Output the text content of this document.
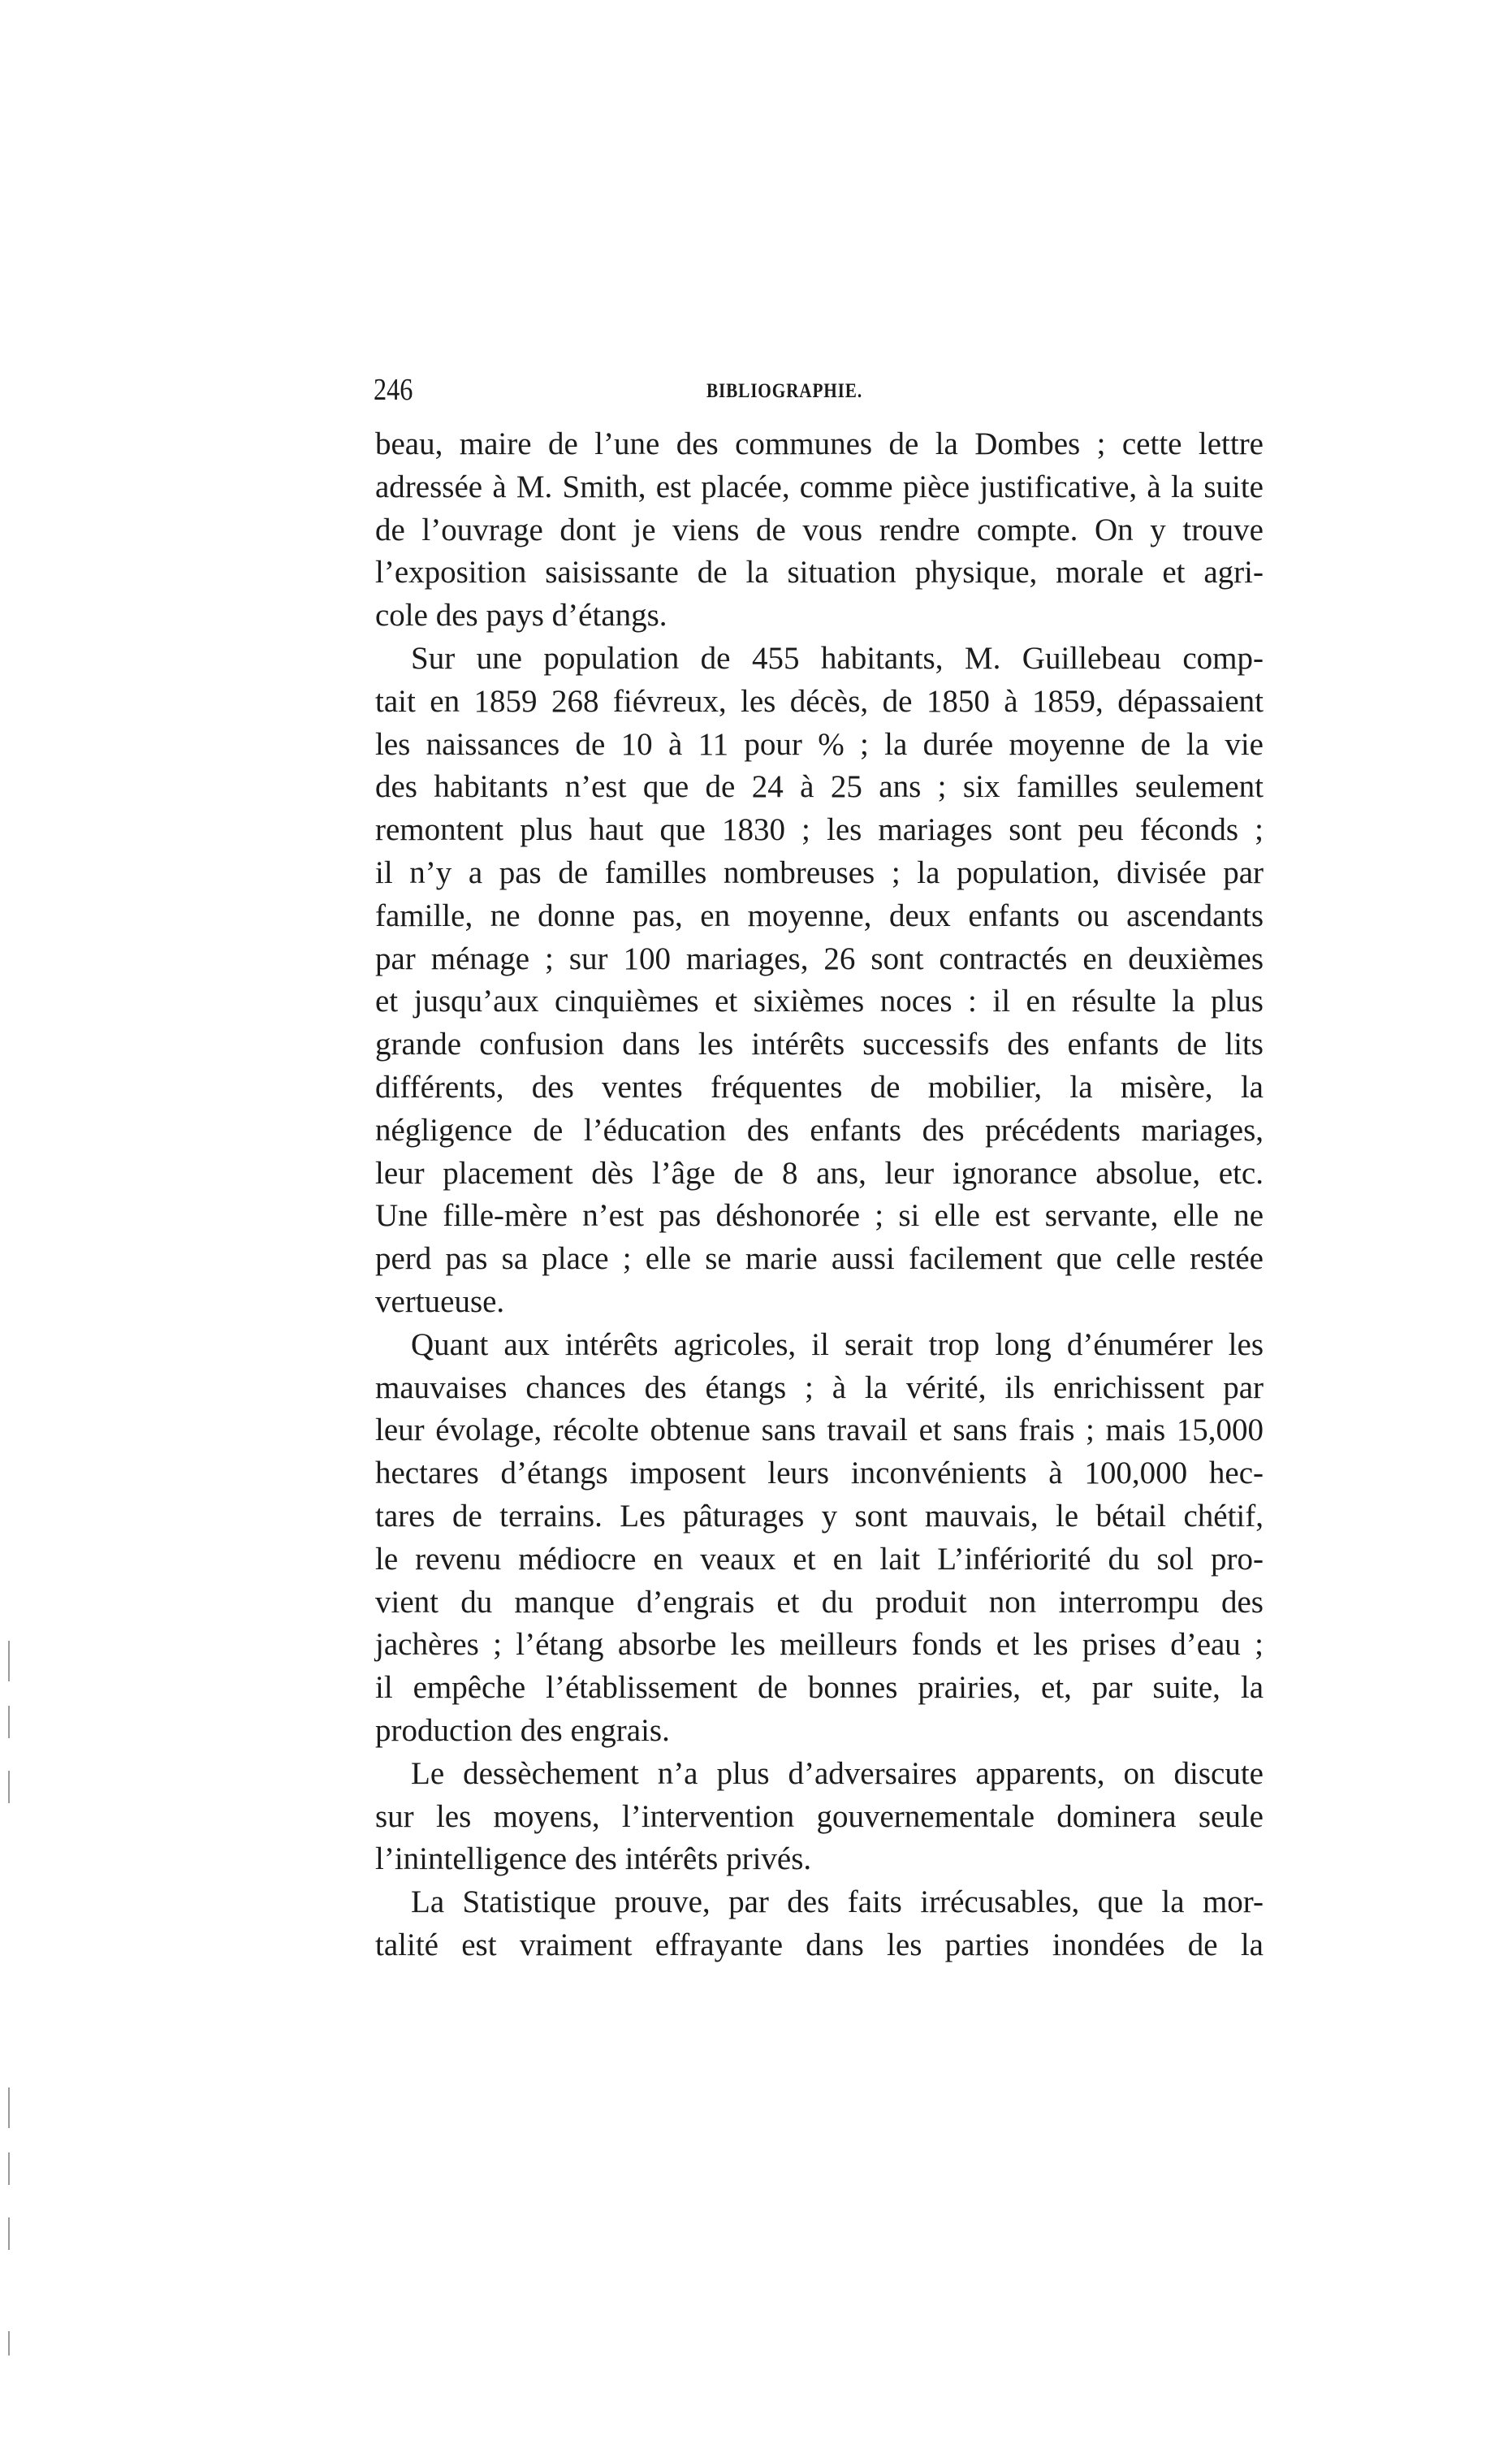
246	BIBLIOGRAPHIE.
beau, maire de l’une des communes de la Dombes ; cette lettre
adressée à M. Smith, est placée, comme pièce justificative, à la suite
de l’ouvrage dont je viens de vous rendre compte. On y trouve
l’exposition saisissante de la situation physique, morale et agri-
cole des pays d’étangs.
Sur une population de 455 habitants, M. Guillebeau comp-
tait en 1859 268 fiévreux, les décès, de 1850 à 1859, dépassaient
les naissances de 10 à 11 pour % ; la durée moyenne de la vie
des habitants n’est que de 24 à 25 ans ; six familles seulement
remontent plus haut que 1830 ; les mariages sont peu féconds ;
il n’y a pas de familles nombreuses ; la population, divisée par
famille, ne donne pas, en moyenne, deux enfants ou ascendants
par ménage ; sur 100 mariages, 26 sont contractés en deuxièmes
et jusqu’aux cinquièmes et sixièmes noces : il en résulte la plus
grande confusion dans les intérêts successifs des enfants de lits
différents, des ventes fréquentes de mobilier, la misère, la
négligence de l’éducation des enfants des précédents mariages,
leur placement dès l’âge de 8 ans, leur ignorance absolue, etc.
Une fille-mère n’est pas déshonorée ; si elle est servante, elle ne
perd pas sa place ; elle se marie aussi facilement que celle restée
vertueuse.
Quant aux intérêts agricoles, il serait trop long d’énumérer les
mauvaises chances des étangs ; à la vérité, ils enrichissent par
leur évolage, récolte obtenue sans travail et sans frais ; mais 15,000
hectares d’étangs imposent leurs inconvénients à 100,000 hec-
tares de terrains. Les pâturages y sont mauvais, le bétail chétif,
le revenu médiocre en veaux et en lait L’infériorité du sol pro-
vient du manque d’engrais et du produit non interrompu des
jachères ; l’étang absorbe les meilleurs fonds et les prises d’eau ;
il empêche l’établissement de bonnes prairies, et, par suite, la
production des engrais.
Le dessèchement n’a plus d’adversaires apparents, on discute
sur les moyens, l’intervention gouvernementale dominera seule
l’inintelligence des intérêts privés.
La Statistique prouve, par des faits irrécusables, que la mor-
talité est vraiment effrayante dans les parties inondées de la
